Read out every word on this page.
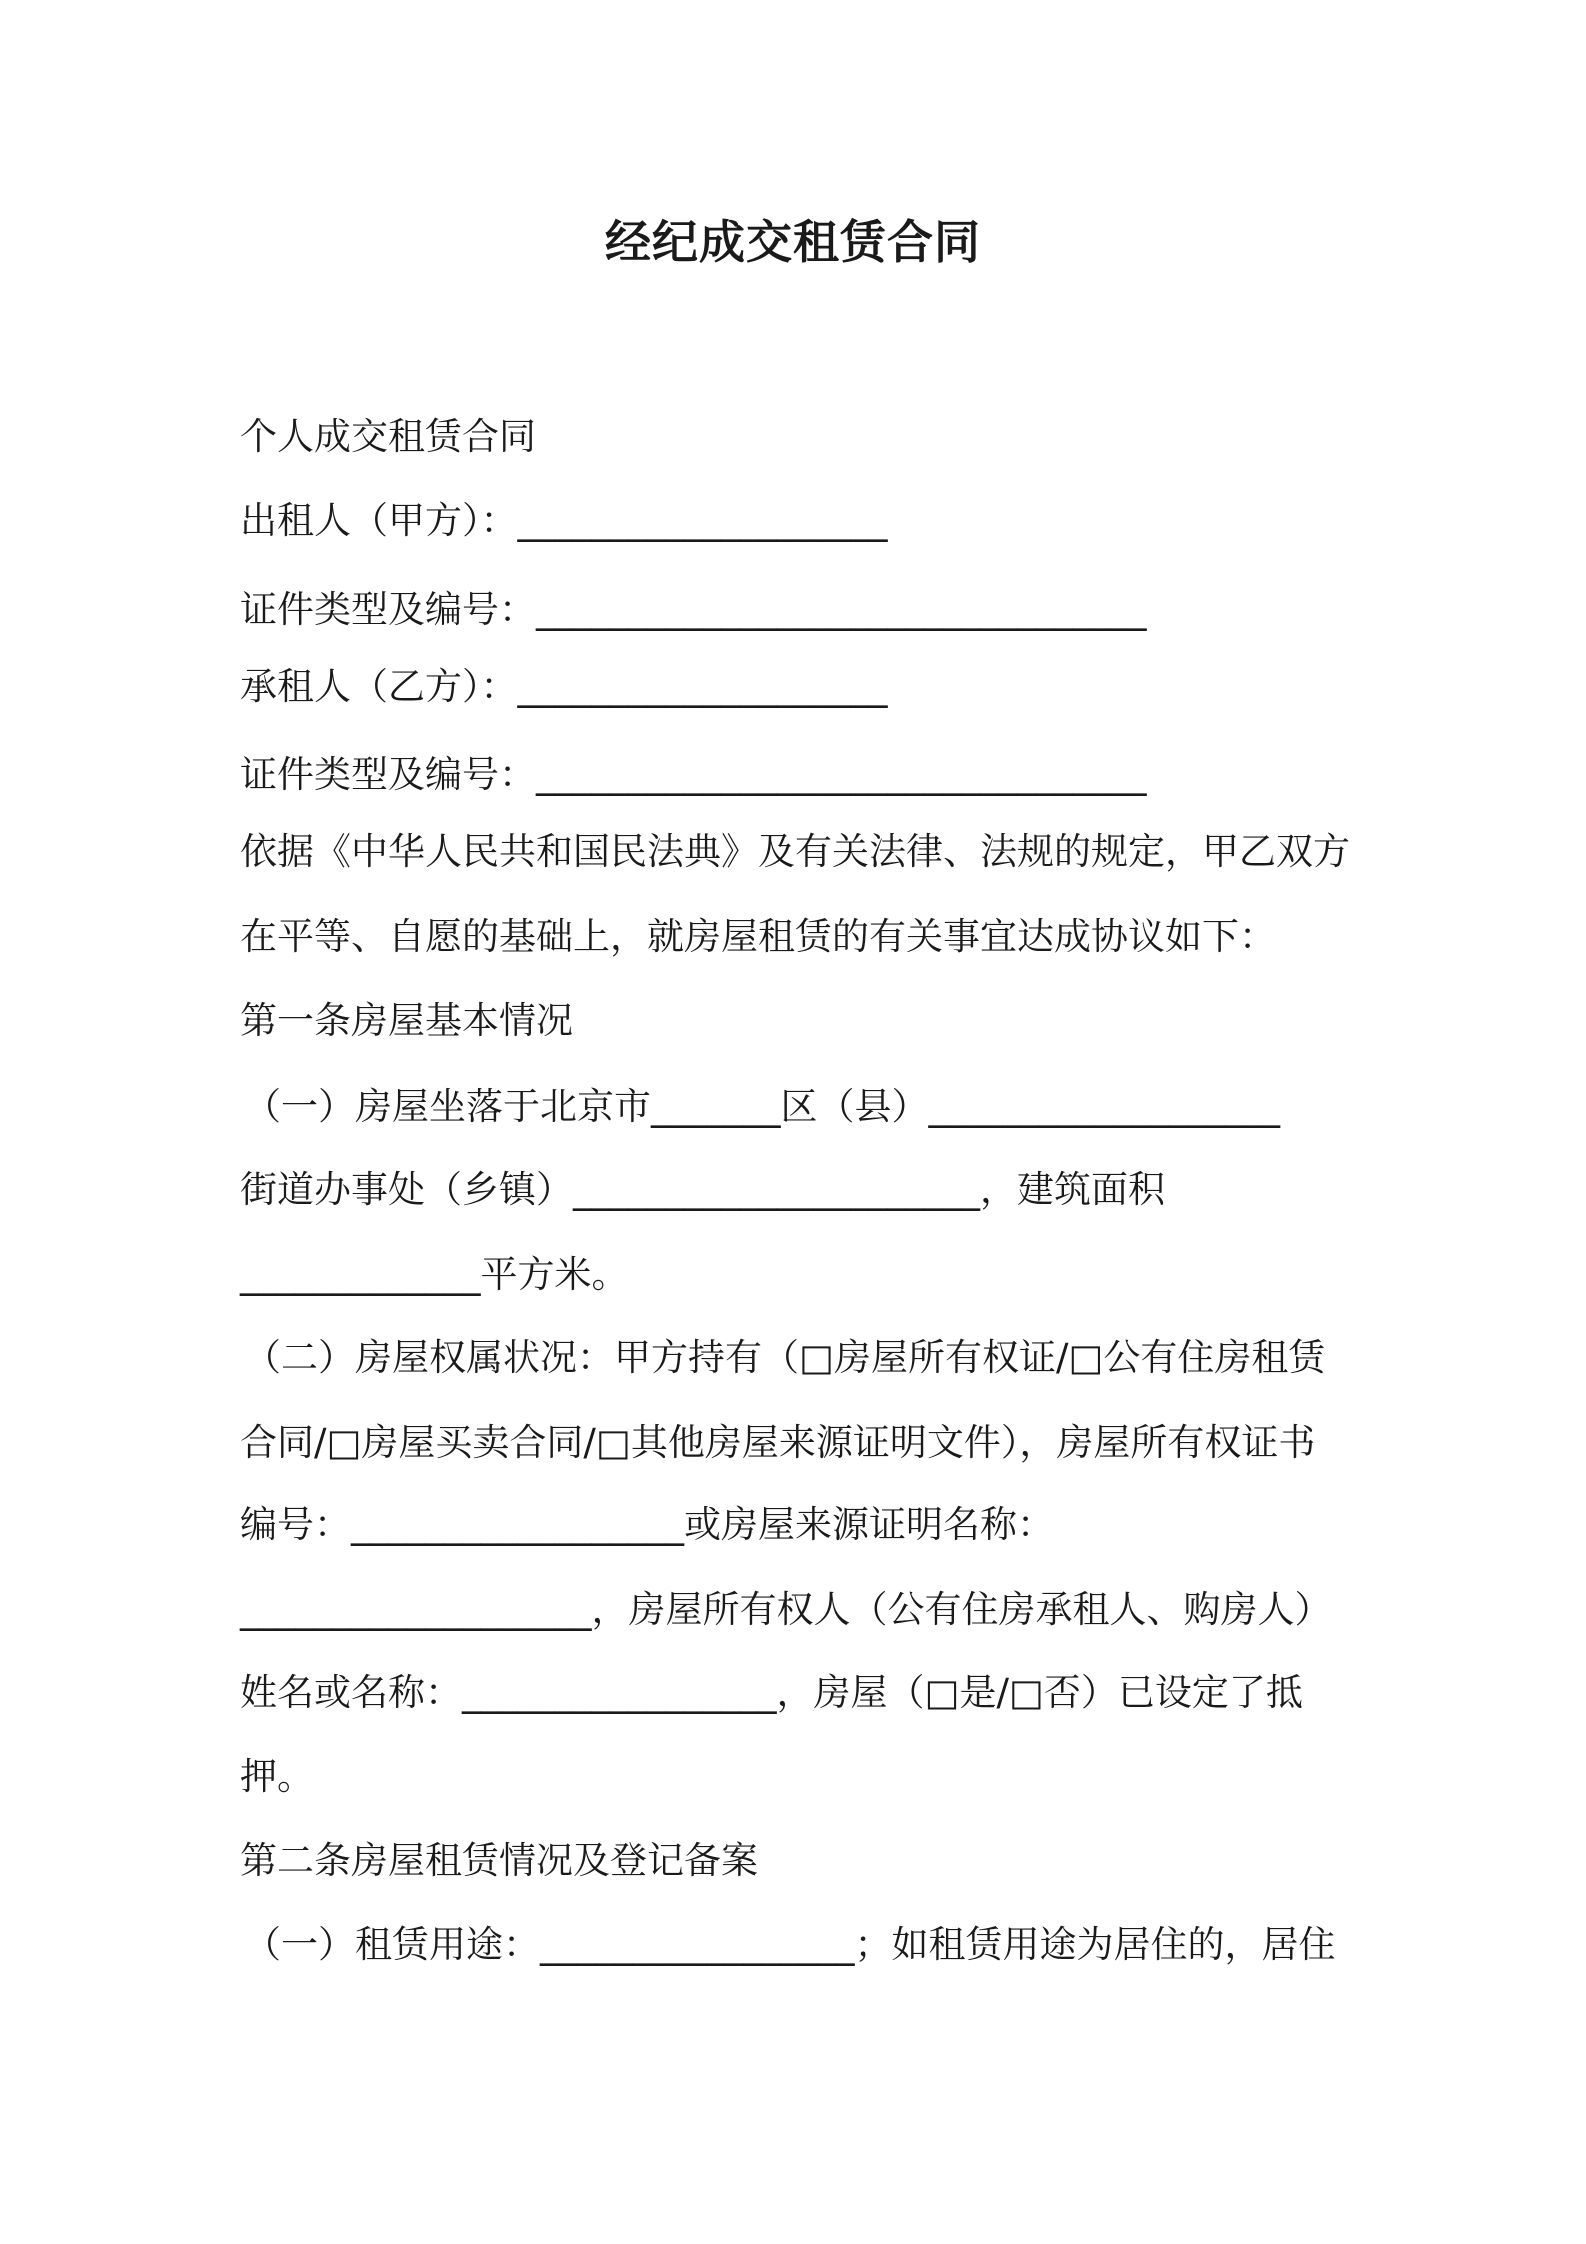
经纪成交租赁合同

个人成交租赁合同

出租人（甲方）：____________________

证件类型及编号：_________________________________

承租人（乙方）：____________________

证件类型及编号：_________________________________

依据《中华人民共和国民法典》及有关法律、法规的规定，甲乙双方

在平等、自愿的基础上，就房屋租赁的有关事宜达成协议如下：

第一条房屋基本情况

（一）房屋坐落于北京市_______区（县）___________________

街道办事处（乡镇）______________________，建筑面积

_____________平方米。

（二）房屋权属状况：甲方持有（□房屋所有权证/□公有住房租赁

合同/□房屋买卖合同/□其他房屋来源证明文件），房屋所有权证书

编号：__________________或房屋来源证明名称：

___________________，房屋所有权人（公有住房承租人、购房人）

姓名或名称：_________________，房屋（□是/□否）已设定了抵

押。

第二条房屋租赁情况及登记备案

（一）租赁用途：_________________；如租赁用途为居住的，居住
